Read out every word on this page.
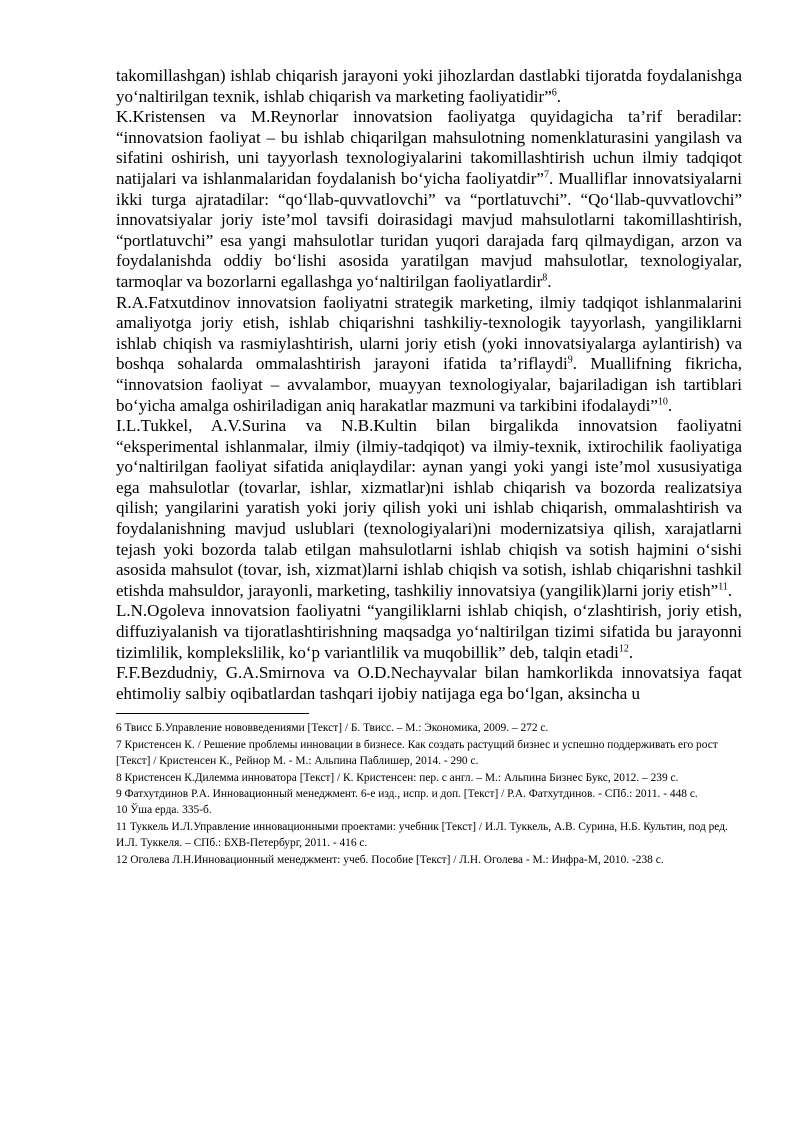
takomillashgan) ishlab chiqarish jarayoni yoki jihozlardan dastlabki tijoratda foydalanishga yo‘naltirilgan texnik, ishlab chiqarish va marketing faoliyatidir”$^6$.

K.Kristensen va M.Reynorlar innovatsion faoliyatga quyidagicha ta’rif beradilar: “innovatsion faoliyat – bu ishlab chiqarilgan mahsulotning nomenklaturasini yangilash va sifatini oshirish, uni tayyorlash texnologiyalarini takomillashtirish uchun ilmiy tadqiqot natijalari va ishlanmalaridan foydalanish bo‘yicha faoliyatdir”$^7$. Mualliflar innovatsiyalarni ikki turga ajratadilar: “qo‘llab-quvvatlovchi” va “portlatuvchi”. “Qo‘llab-quvvatlovchi” innovatsiyalar joriy iste’mol tavsifi doirasidagi mavjud mahsulotlarni takomillashtirish, “portlatuvchi” esa yangi mahsulotlar turidan yuqori darajada farq qilmaydigan, arzon va foydalanishda oddiy bo‘lishi asosida yaratilgan mavjud mahsulotlar, texnologiyalar, tarmoqlar va bozorlarni egallashga yo‘naltirilgan faoliyatlardir$^8$.

R.A.Fatxutdinov innovatsion faoliyatni strategik marketing, ilmiy tadqiqot ishlanmalarini amaliyotga joriy etish, ishlab chiqarishni tashkiliy-texnologik tayyorlash, yangiliklarni ishlab chiqish va rasmiylashtirish, ularni joriy etish (yoki innovatsiyalarga aylantirish) va boshqa sohalarda ommalashtirish jarayoni ifatida ta’riflaydi$^9$. Muallifning fikricha, “innovatsion faoliyat – avvalambor, muayyan texnologiyalar, bajariladigan ish tartiblari bo‘yicha amalga oshiriladigan aniq harakatlar mazmuni va tarkibini ifodalaydi”$^{10}$.

I.L.Tukkel, A.V.Surina va N.B.Kultin bilan birgalikda innovatsion faoliyatni “eksperimental ishlanmalar, ilmiy (ilmiy-tadqiqot) va ilmiy-texnik, ixtirochilik faoliyatiga yo‘naltirilgan faoliyat sifatida aniqlaydilar: aynan yangi yoki yangi iste’mol xususiyatiga ega mahsulotlar (tovarlar, ishlar, xizmatlar)ni ishlab chiqarish va bozorda realizatsiya qilish; yangilarini yaratish yoki joriy qilish yoki uni ishlab chiqarish, ommalashtirish va foydalanishning mavjud uslublari (texnologiyalari)ni modernizatsiya qilish, xarajatlarni tejash yoki bozorda talab etilgan mahsulotlarni ishlab chiqish va sotish hajmini o‘sishi asosida mahsulot (tovar, ish, xizmat)larni ishlab chiqish va sotish, ishlab chiqarishni tashkil etishda mahsuldor, jarayonli, marketing, tashkiliy innovatsiya (yangilik)larni joriy etish”$^{11}$.

L.N.Ogoleva innovatsion faoliyatni “yangiliklarni ishlab chiqish, o‘zlashtirish, joriy etish, diffuziyalanish va tijoratlashtirishning maqsadga yo‘naltirilgan tizimi sifatida bu jarayonni tizimlilik, komplekslilik, ko‘p variantlilik va muqobillik” deb, talqin etadi$^{12}$.

F.F.Bezdudniy, G.A.Smirnova va O.D.Nechayvalar bilan hamkorlikda innovatsiya faqat ehtimoliy salbiy oqibatlardan tashqari ijobiy natijaga ega bo‘lgan, aksincha u

6 Твисс Б.Управление нововведениями [Текст] / Б. Твисс. – М.: Экономика, 2009. – 272 с.

7 Кристенсен К. / Решение проблемы инновации в бизнесе. Как создать растущий бизнес и успешно поддерживать его рост [Текст] / Кристенсен К., Рейнор М. - М.: Альпина Паблишер, 2014. - 290 с.

8 Кристенсен К.Дилемма инноватора [Текст] / К. Кристенсен: пер. с англ. – М.: Альпина Бизнес Букс, 2012. – 239 с.

9 Фатхутдинов Р.А. Инновационный менеджмент. 6-е изд., испр. и доп. [Текст] / Р.А. Фатхутдинов. - СПб.: 2011. - 448 с.

10 Ўша ерда. 335-б.

11 Туккель И.Л.Управление инновационными проектами: учебник [Текст] / И.Л. Туккель, А.В. Сурина, Н.Б. Культин, под ред. И.Л. Туккеля. – СПб.: БХВ-Петербург, 2011. - 416 с.

12 Оголева Л.Н.Инновационный менеджмент: учеб. Пособие [Текст] / Л.Н. Оголева - М.: Инфра-М, 2010. -238 с.
